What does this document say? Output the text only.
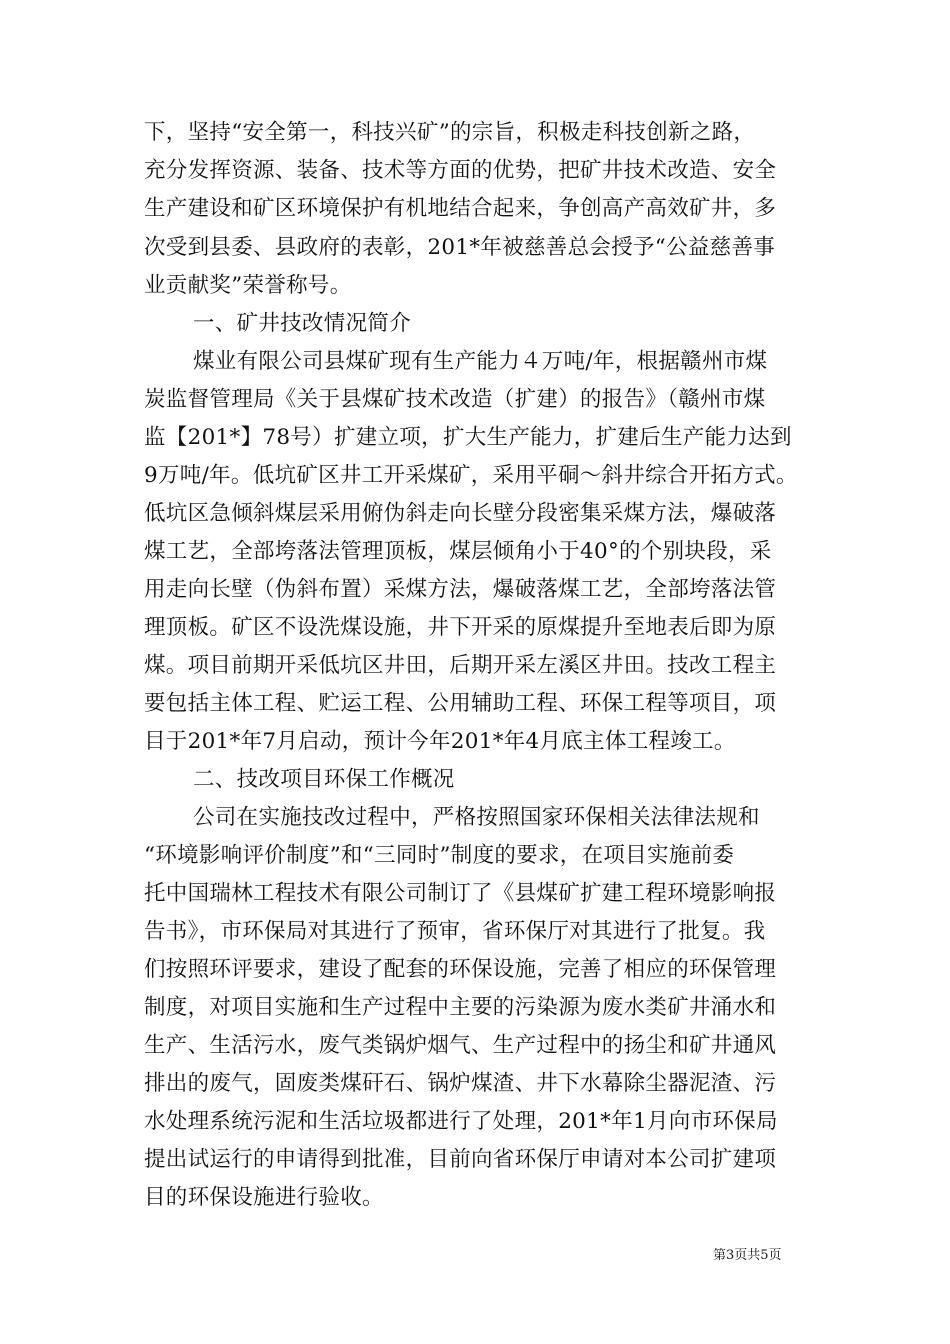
下，坚持“安全第一，科技兴矿”的宗旨，积极走科技创新之路，
充分发挥资源、装备、技术等方面的优势，把矿井技术改造、安全
生产建设和矿区环境保护有机地结合起来，争创高产高效矿井，多
次受到县委、县政府的表彰，201*年被慈善总会授予“公益慈善事
业贡献奖”荣誉称号。
一、矿井技改情况简介
煤业有限公司县煤矿现有生产能力４万吨/年，根据赣州市煤
炭监督管理局《关于县煤矿技术改造（扩建）的报告》（赣州市煤
监【201*】78号）扩建立项，扩大生产能力，扩建后生产能力达到
9万吨/年。低坑矿区井工开采煤矿，采用平硐～斜井综合开拓方式。
低坑区急倾斜煤层采用俯伪斜走向长壁分段密集采煤方法，爆破落
煤工艺，全部垮落法管理顶板，煤层倾角小于40°的个别块段，采
用走向长壁（伪斜布置）采煤方法，爆破落煤工艺，全部垮落法管
理顶板。矿区不设洗煤设施，井下开采的原煤提升至地表后即为原
煤。项目前期开采低坑区井田，后期开采左溪区井田。技改工程主
要包括主体工程、贮运工程、公用辅助工程、环保工程等项目，项
目于201*年7月启动，预计今年201*年4月底主体工程竣工。
二、技改项目环保工作概况
公司在实施技改过程中，严格按照国家环保相关法律法规和
“环境影响评价制度”和“三同时”制度的要求，在项目实施前委
托中国瑞林工程技术有限公司制订了《县煤矿扩建工程环境影响报
告书》，市环保局对其进行了预审，省环保厅对其进行了批复。我
们按照环评要求，建设了配套的环保设施，完善了相应的环保管理
制度，对项目实施和生产过程中主要的污染源为废水类矿井涌水和
生产、生活污水，废气类锅炉烟气、生产过程中的扬尘和矿井通风
排出的废气，固废类煤矸石、锅炉煤渣、井下水幕除尘器泥渣、污
水处理系统污泥和生活垃圾都进行了处理，201*年1月向市环保局
提出试运行的申请得到批准，目前向省环保厅申请对本公司扩建项
目的环保设施进行验收。
第3页共5页
